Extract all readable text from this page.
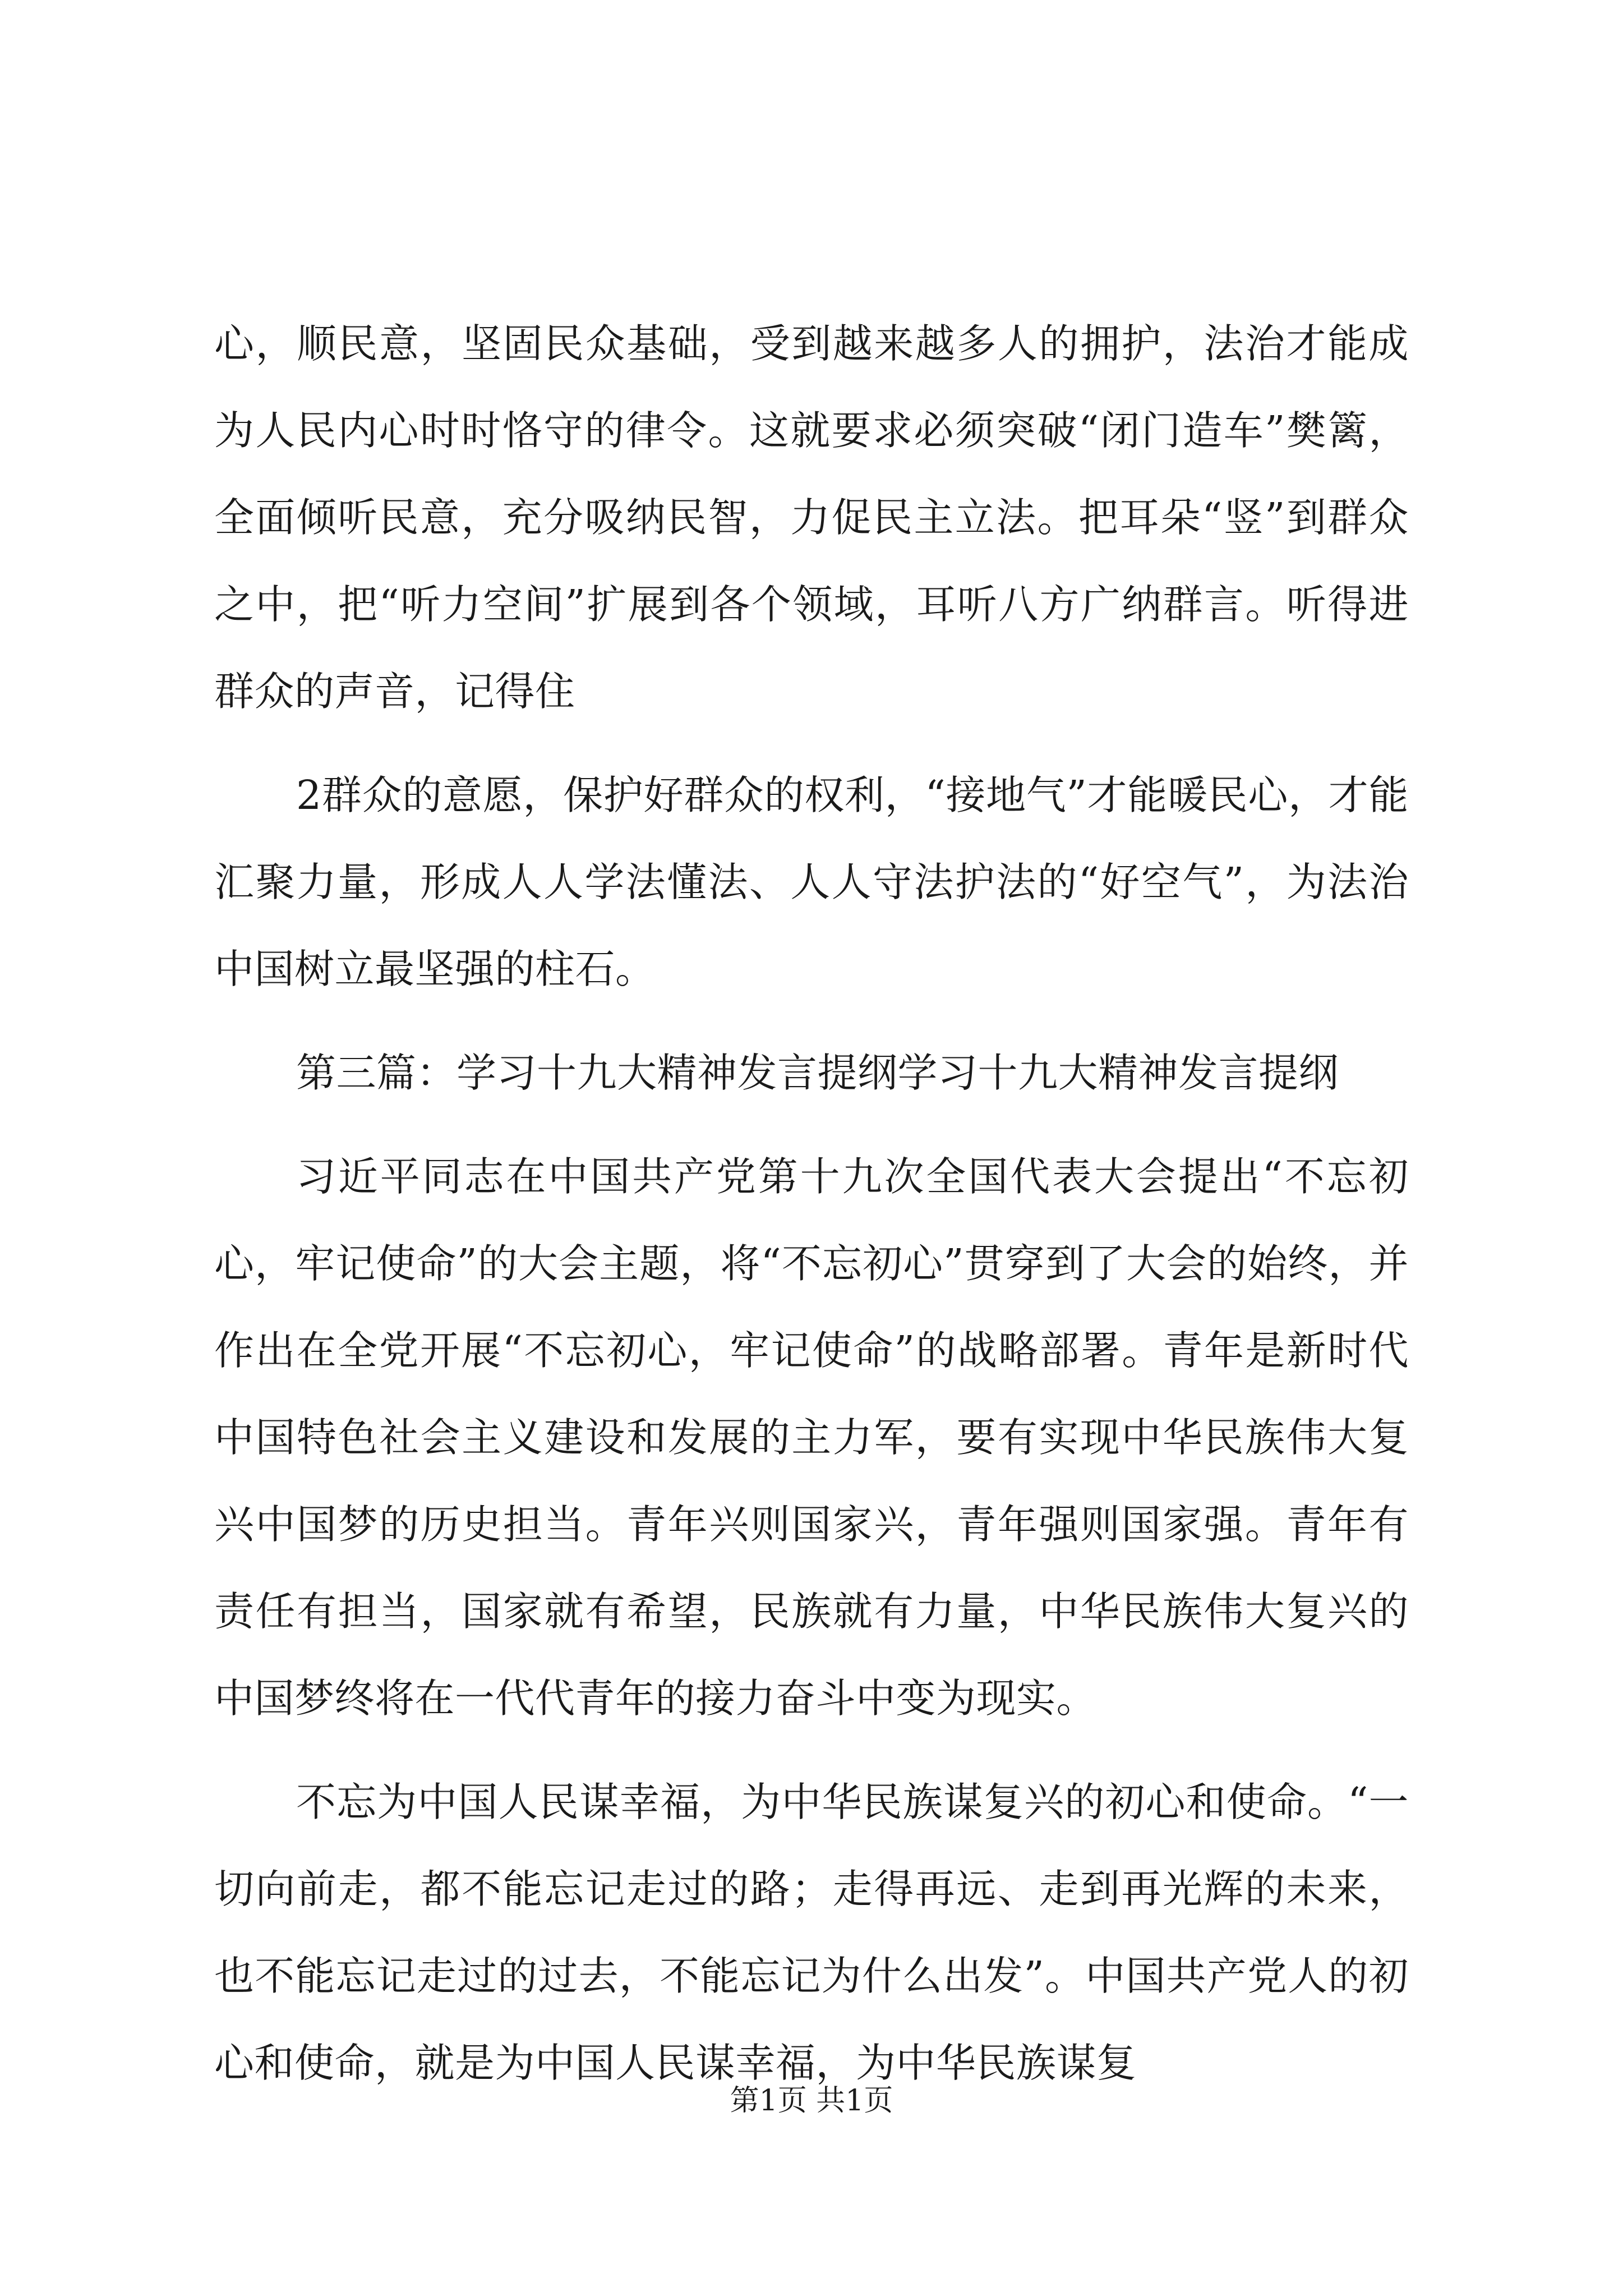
心，顺民意，坚固民众基础，受到越来越多人的拥护，法治才能成为人民内心时时恪守的律令。这就要求必须突破“闭门造车”樊篱，全面倾听民意，充分吸纳民智，力促民主立法。把耳朵“竖”到群众之中，把“听力空间”扩展到各个领域，耳听八方广纳群言。听得进群众的声音，记得住

2群众的意愿，保护好群众的权利，“接地气”才能暖民心，才能汇聚力量，形成人人学法懂法、人人守法护法的“好空气”，为法治中国树立最坚强的柱石。

第三篇：学习十九大精神发言提纲学习十九大精神发言提纲

习近平同志在中国共产党第十九次全国代表大会提出“不忘初心，牢记使命”的大会主题，将“不忘初心”贯穿到了大会的始终，并作出在全党开展“不忘初心，牢记使命”的战略部署。青年是新时代中国特色社会主义建设和发展的主力军，要有实现中华民族伟大复兴中国梦的历史担当。青年兴则国家兴，青年强则国家强。青年有责任有担当，国家就有希望，民族就有力量，中华民族伟大复兴的中国梦终将在一代代青年的接力奋斗中变为现实。

不忘为中国人民谋幸福，为中华民族谋复兴的初心和使命。“一切向前走，都不能忘记走过的路；走得再远、走到再光辉的未来，也不能忘记走过的过去，不能忘记为什么出发”。中国共产党人的初心和使命，就是为中国人民谋幸福，为中华民族谋复

第1页 共1页
